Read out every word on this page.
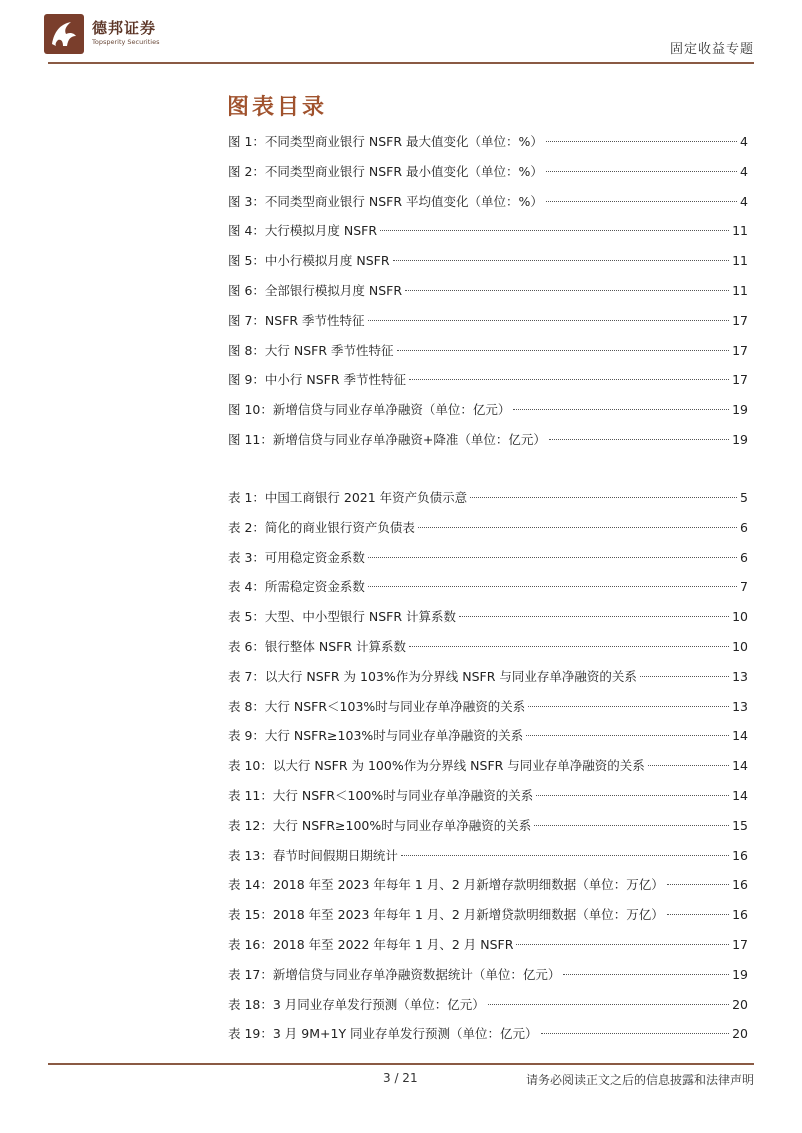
德邦证券
Topsperity Securities	固定收益专题
图表目录
图 1：不同类型商业银行 NSFR 最大值变化（单位：%）	4
图 2：不同类型商业银行 NSFR 最小值变化（单位：%）	4
图 3：不同类型商业银行 NSFR 平均值变化（单位：%）	4
图 4：大行模拟月度 NSFR	11
图 5：中小行模拟月度 NSFR	11
图 6：全部银行模拟月度 NSFR	11
图 7：NSFR 季节性特征	17
图 8：大行 NSFR 季节性特征	17
图 9：中小行 NSFR 季节性特征	17
图 10：新增信贷与同业存单净融资（单位：亿元）	19
图 11：新增信贷与同业存单净融资+降准（单位：亿元）	19
表 1：中国工商银行 2021 年资产负债示意	5
表 2：简化的商业银行资产负债表	6
表 3：可用稳定资金系数	6
表 4：所需稳定资金系数	7
表 5：大型、中小型银行 NSFR 计算系数	10
表 6：银行整体 NSFR 计算系数	10
表 7：以大行 NSFR 为 103%作为分界线 NSFR 与同业存单净融资的关系	13
表 8：大行 NSFR＜103%时与同业存单净融资的关系	13
表 9：大行 NSFR≥103%时与同业存单净融资的关系	14
表 10：以大行 NSFR 为 100%作为分界线 NSFR 与同业存单净融资的关系	14
表 11：大行 NSFR＜100%时与同业存单净融资的关系	14
表 12：大行 NSFR≥100%时与同业存单净融资的关系	15
表 13：春节时间假期日期统计	16
表 14：2018 年至 2023 年每年 1 月、2 月新增存款明细数据（单位：万亿）	16
表 15：2018 年至 2023 年每年 1 月、2 月新增贷款明细数据（单位：万亿）	16
表 16：2018 年至 2022 年每年 1 月、2 月 NSFR	17
表 17：新增信贷与同业存单净融资数据统计（单位：亿元）	19
表 18：3 月同业存单发行预测（单位：亿元）	20
表 19：3 月 9M+1Y 同业存单发行预测（单位：亿元）	20
3 / 21	请务必阅读正文之后的信息披露和法律声明
